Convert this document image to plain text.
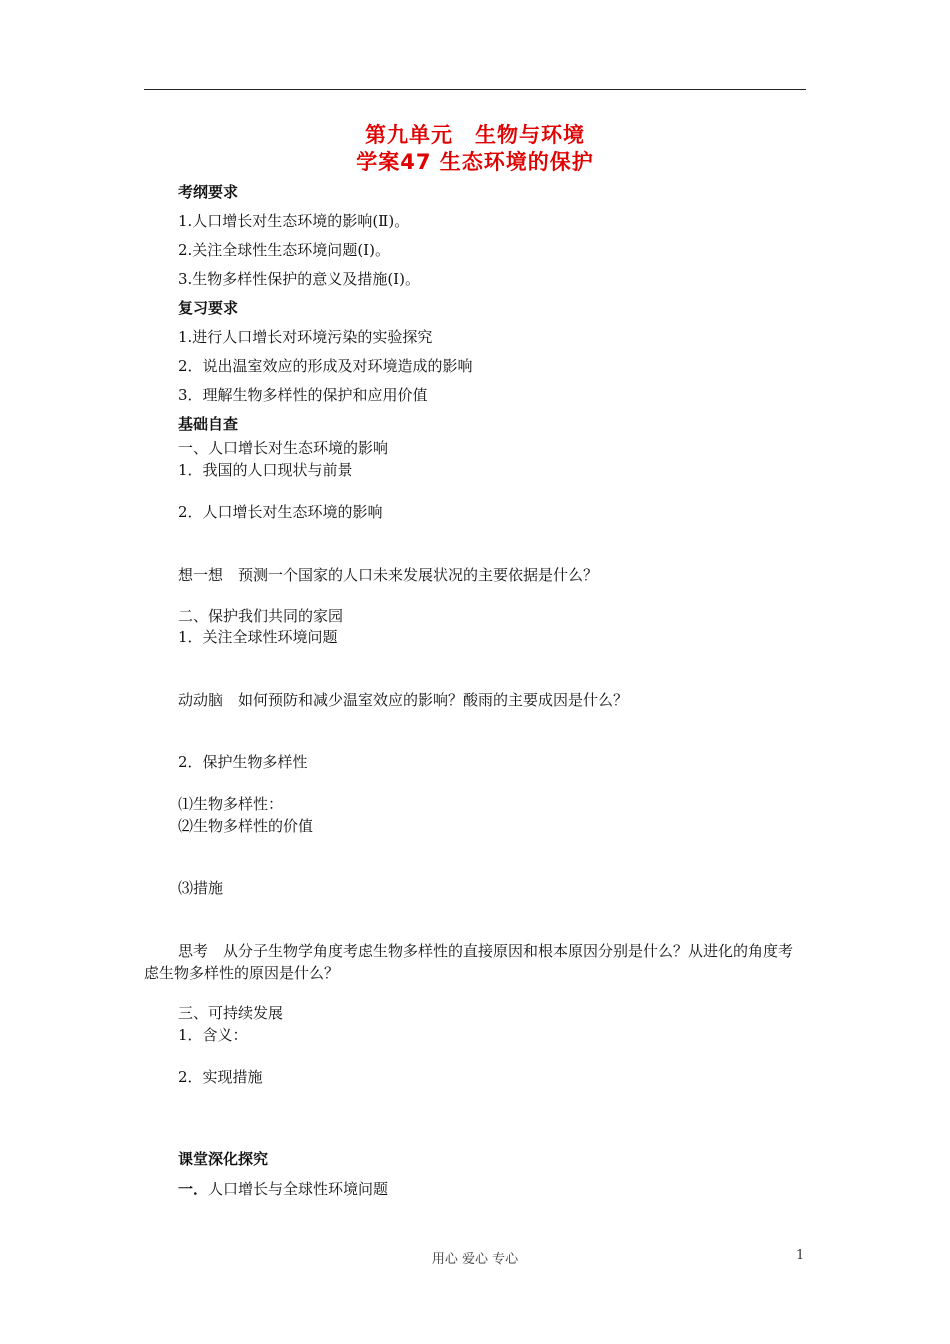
第九单元　生物与环境
学案47 生态环境的保护
考纲要求
1.人口增长对生态环境的影响(Ⅱ)。
2.关注全球性生态环境问题(Ⅰ)。
3.生物多样性保护的意义及措施(Ⅰ)。
复习要求
1.进行人口增长对环境污染的实验探究
2．说出温室效应的形成及对环境造成的影响
3．理解生物多样性的保护和应用价值
基础自查
一、人口增长对生态环境的影响
1．我国的人口现状与前景
2．人口增长对生态环境的影响
想一想　预测一个国家的人口未来发展状况的主要依据是什么？
二、保护我们共同的家园
1．关注全球性环境问题
动动脑　如何预防和减少温室效应的影响？酸雨的主要成因是什么？
2．保护生物多样性
⑴生物多样性：
⑵生物多样性的价值
⑶措施
思考　从分子生物学角度考虑生物多样性的直接原因和根本原因分别是什么？从进化的角度考虑生物多样性的原因是什么？
三、可持续发展
1．含义：
2．实现措施
课堂深化探究
一．人口增长与全球性环境问题
用心 爱心 专心	1
